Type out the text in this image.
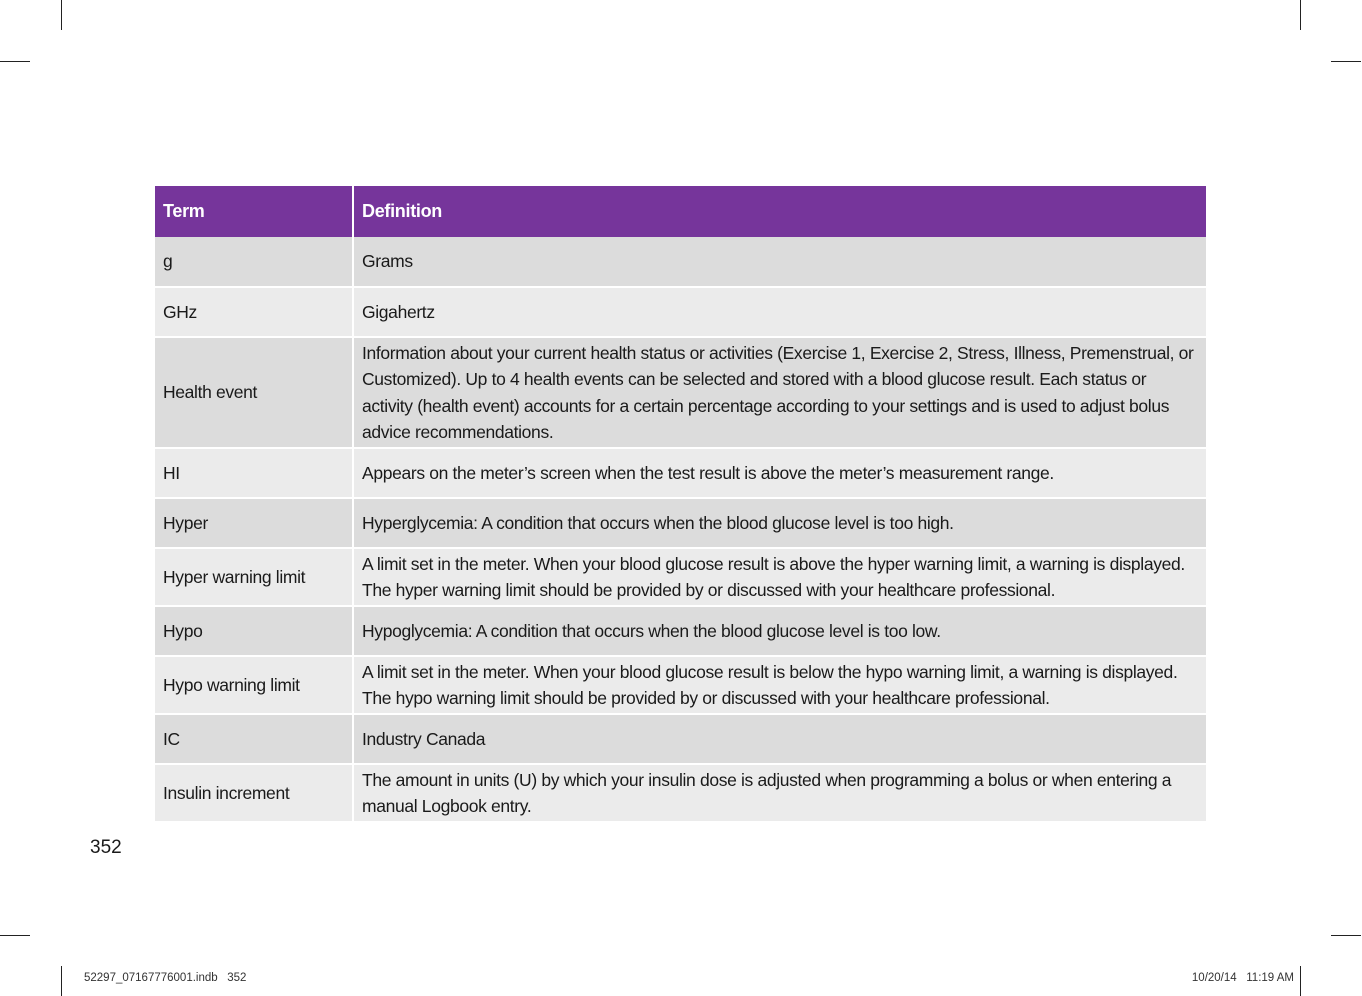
Term	Definition
g	Grams
GHz	Gigahertz
Health event	Information about your current health status or activities (Exercise 1, Exercise 2, Stress, Illness, Premenstrual, or Customized). Up to 4 health events can be selected and stored with a blood glucose result. Each status or activity (health event) accounts for a certain percentage according to your settings and is used to adjust bolus advice recommendations.
HI	Appears on the meter’s screen when the test result is above the meter’s measurement range.
Hyper	Hyperglycemia: A condition that occurs when the blood glucose level is too high.
Hyper warning limit	A limit set in the meter. When your blood glucose result is above the hyper warning limit, a warning is displayed. The hyper warning limit should be provided by or discussed with your healthcare professional.
Hypo	Hypoglycemia: A condition that occurs when the blood glucose level is too low.
Hypo warning limit	A limit set in the meter. When your blood glucose result is below the hypo warning limit, a warning is displayed. The hypo warning limit should be provided by or discussed with your healthcare professional.
IC	Industry Canada
Insulin increment	The amount in units (U) by which your insulin dose is adjusted when programming a bolus or when entering a manual Logbook entry.
352
52297_07167776001.indb   352	10/20/14   11:19 AM
